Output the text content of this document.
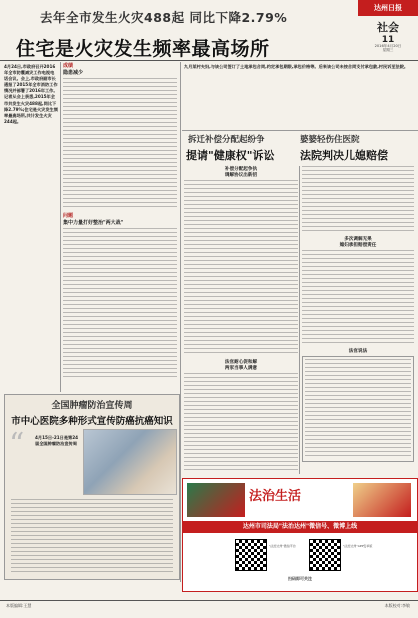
去年全市发生火灾488起 同比下降2.79%
住宅是火灾发生频率最高场所
达州日报
社会
11
2016年4月20日
星期三
4月24日,市政府召开2016年全市防震减灾工作电视电话会议。会上,市政府副市长通报了2015年全市消防工作情况并部署了2016年工作。记者从会上获悉,2015年全市共发生火灾488起,同比下降2.79%;住宅是火灾发生频率最高场所,共计发生火灾244起。
成绩
隐患减少
问题
集中力量打好整治"两大战"
全国肿瘤防治宣传周
市中心医院多种形式宣传防癌抗癌知识
“	4月15日-21日是第24届全国肿瘤防治宣传周
九月某村夫妇,与该公司签订了土地承包合同,约定承包期限,承包价格等。后来该公司未按合同支付承包款,村民诉至法院。
拆迁补偿分配起纷争	婆婆轻伤住医院
提请"健康权"诉讼	法院判决儿媳赔偿
补偿分配起争执
调解协议出新招
法官耐心促和解
两家当事人满意
多次调解无果
媳妇承担赔偿责任
法官说法
法治生活
达州市司法局"法治达州"微信号、微博上线
"法治达州"微信平台	"法治达州"APP安卓版
扫码即可关注
本版编辑:王慧	本版校对:李敏
